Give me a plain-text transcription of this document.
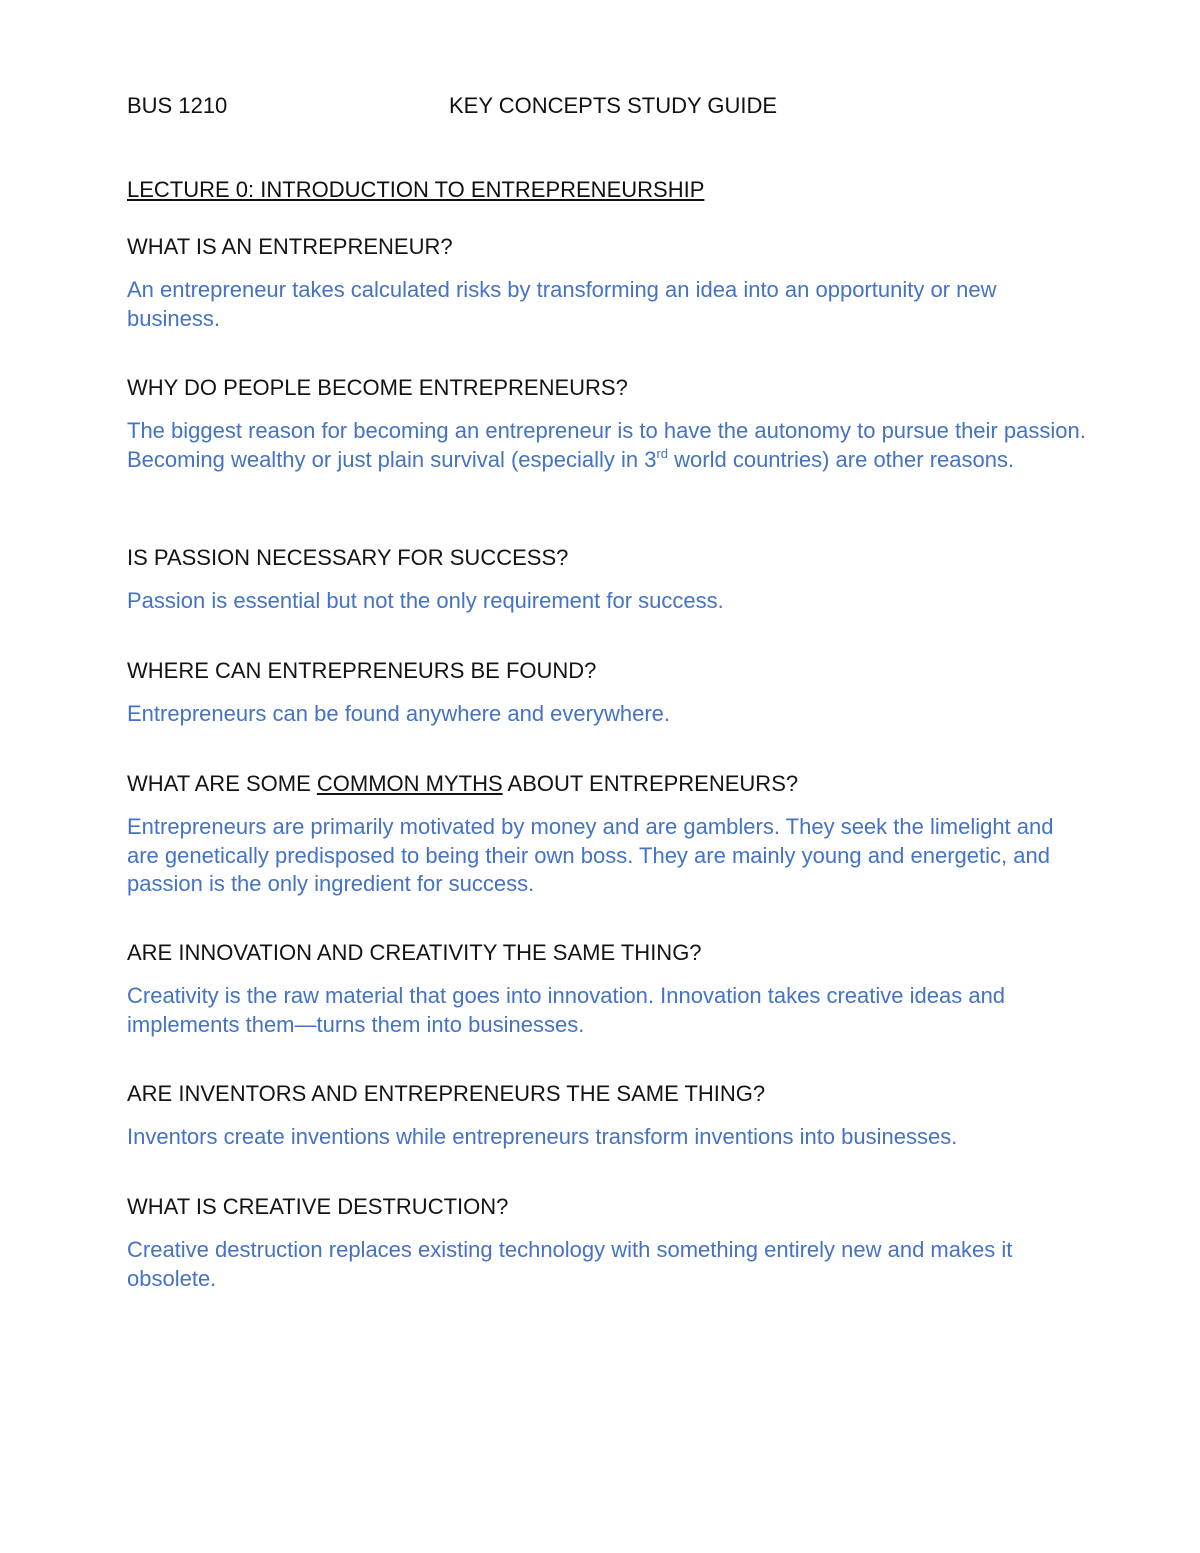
BUS 1210	KEY CONCEPTS STUDY GUIDE
LECTURE 0: INTRODUCTION TO ENTREPRENEURSHIP
WHAT IS AN ENTREPRENEUR?
An entrepreneur takes calculated risks by transforming an idea into an opportunity or new business.
WHY DO PEOPLE BECOME ENTREPRENEURS?
The biggest reason for becoming an entrepreneur is to have the autonomy to pursue their passion. Becoming wealthy or just plain survival (especially in 3rd world countries) are other reasons.
IS PASSION NECESSARY FOR SUCCESS?
Passion is essential but not the only requirement for success.
WHERE CAN ENTREPRENEURS BE FOUND?
Entrepreneurs can be found anywhere and everywhere.
WHAT ARE SOME COMMON MYTHS ABOUT ENTREPRENEURS?
Entrepreneurs are primarily motivated by money and are gamblers. They seek the limelight and are genetically predisposed to being their own boss. They are mainly young and energetic, and passion is the only ingredient for success.
ARE INNOVATION AND CREATIVITY THE SAME THING?
Creativity is the raw material that goes into innovation. Innovation takes creative ideas and implements them—turns them into businesses.
ARE INVENTORS AND ENTREPRENEURS THE SAME THING?
Inventors create inventions while entrepreneurs transform inventions into businesses.
WHAT IS CREATIVE DESTRUCTION?
Creative destruction replaces existing technology with something entirely new and makes it obsolete.
